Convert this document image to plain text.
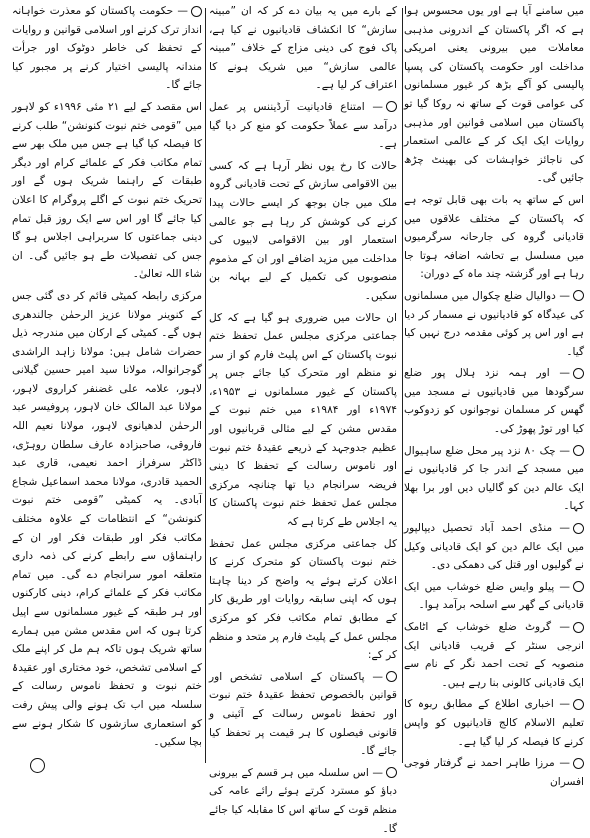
میں سامنے آیا ہے اور یوں محسوس ہوا ہے کہ اگر پاکستان کے اندرونی مذہبی معاملات میں بیرونی یعنی امریکی مداخلت اور حکومت پاکستان کی پسپا پالیسی کو آگے بڑھ کر غیور مسلمانوں کی عوامی قوت کے ساتھ نہ روکا گیا تو پاکستان میں اسلامی قوانین اور مذہبی روایات ایک ایک کر کے عالمی استعمار کی ناجائز خواہشات کی بھینٹ چڑھ جائیں گی۔

اس کے ساتھ یہ بات بھی قابل توجہ ہے کہ پاکستان کے مختلف علاقوں میں قادیانی گروہ کی جارحانہ سرگرمیوں میں مسلسل بے تحاشہ اضافہ ہوتا جا رہا ہے اور گزشتہ چند ماہ کے دوران:

— دوالیال ضلع چکوال میں مسلمانوں کی عیدگاہ کو قادیانیوں نے مسمار کر دیا ہے اور اس پر کوئی مقدمہ درج نہیں کیا گیا۔
— اور ہمہ نزد ہلال پور ضلع سرگودھا میں قادیانیوں نے مسجد میں گھس کر مسلمان نوجوانوں کو زدوکوب کیا اور توڑ پھوڑ کی۔
— چک ۸۰ نزد پیر محل ضلع ساہیوال میں مسجد کے اندر جا کر قادیانیوں نے ایک عالم دین کو گالیاں دیں اور برا بھلا کہا۔
— منڈی احمد آباد تحصیل دیپالپور میں ایک عالم دین کو ایک قادیانی وکیل نے گولیوں اور قتل کی دھمکی دی۔
— پیلو وایس ضلع خوشاب میں ایک قادیانی کے گھر سے اسلحہ برآمد ہوا۔
— گروٹ ضلع خوشاب کے اٹامک انرجی سنٹر کے قریب قادیانی ایک منصوبہ کے تحت احمد نگر کے نام سے ایک قادیانی کالونی بنا رہے ہیں۔
— اخباری اطلاع کے مطابق ربوہ کا تعلیم الاسلام کالج قادیانیوں کو واپس کرنے کا فیصلہ کر لیا گیا ہے۔
— مرزا طاہر احمد نے گرفتار فوجی افسران

کے بارے میں یہ بیان دے کر کہ ان ”مبینہ سازش“ کا انکشاف قادیانیوں نے کیا ہے، پاک فوج کی دینی مزاج کے خلاف ”مبینہ عالمی سازش“ میں شریک ہونے کا اعتراف کر لیا ہے۔

— امتناع قادیانیت آرڈیننس پر عمل درآمد سے عملاً حکومت کو منع کر دیا گیا ہے۔

حالات کا رخ یوں نظر آرہا ہے کہ کسی بین الاقوامی سازش کے تحت قادیانی گروہ ملک میں جان بوجھ کر ایسے حالات پیدا کرنے کی کوشش کر رہا ہے جو عالمی استعمار اور بین الاقوامی لابیوں کی مداخلت میں مزید اضافے اور ان کے مذموم منصوبوں کی تکمیل کے لیے بہانہ بن سکیں۔

ان حالات میں ضروری ہو گیا ہے کہ کل جماعتی مرکزی مجلس عمل تحفظ ختم نبوت پاکستان کے اس پلیٹ فارم کو از سر نو منظم اور متحرک کیا جائے جس پر پاکستان کے غیور مسلمانوں نے ۱۹۵۳ء، ۱۹۷۴ء اور ۱۹۸۴ء میں ختم نبوت کے مقدس مشن کے لیے مثالی قربانیوں اور عظیم جدوجہد کے ذریعے عقیدۂ ختم نبوت اور ناموس رسالت کے تحفظ کا دینی فریضہ سرانجام دیا تھا چنانچہ مرکزی مجلس عمل تحفظ ختم نبوت پاکستان کا یہ اجلاس طے کرتا ہے کہ

کل جماعتی مرکزی مجلس عمل تحفظ ختم نبوت پاکستان کو متحرک کرنے کا اعلان کرتے ہوئے یہ واضح کر دینا چاہتا ہوں کہ اپنی سابقہ روایات اور طریق کار کے مطابق تمام مکاتب فکر کو مرکزی مجلس عمل کے پلیٹ فارم پر متحد و منظم کر کے:

— پاکستان کے اسلامی تشخص اور قوانین بالخصوص تحفظ عقیدۂ ختم نبوت اور تحفظ ناموس رسالت کے آئینی و قانونی فیصلوں کا ہر قیمت پر تحفظ کیا جائے گا۔
— اس سلسلہ میں ہر قسم کے بیرونی دباؤ کو مسترد کرتے ہوئے رائے عامہ کی منظم قوت کے ساتھ اس کا مقابلہ کیا جائے گا۔
— حکومت پاکستان کو معذرت خواہانہ انداز ترک کرنے اور اسلامی قوانین و روایات کے تحفظ کی خاطر دوٹوک اور جرأت مندانہ پالیسی اختیار کرنے پر مجبور کیا جائے گا۔

اس مقصد کے لیے ۲۱ مئی ۱۹۹۶ء کو لاہور میں ”قومی ختم نبوت کنونشن“ طلب کرنے کا فیصلہ کیا گیا ہے جس میں ملک بھر سے تمام مکاتب فکر کے علمائے کرام اور دیگر طبقات کے راہنما شریک ہوں گے اور تحریک ختم نبوت کے اگلے پروگرام کا اعلان کیا جائے گا اور اس سے ایک روز قبل تمام دینی جماعتوں کا سربراہی اجلاس ہو گا جس کی تفصیلات طے ہو جائیں گی۔ ان شاء اللہ تعالیٰ۔

مرکزی رابطہ کمیٹی قائم کر دی گئی جس کے کنوینر مولانا عزیز الرحمٰن جالندھری ہوں گے۔ کمیٹی کے ارکان میں مندرجہ ذیل حضرات شامل ہیں: مولانا زاہد الراشدی گوجرانوالہ، مولانا سید امیر حسین گیلانی لاہور، علامہ علی غضنفر کراروی لاہور، مولانا عبد المالک خان لاہور، پروفیسر عبد الرحمٰن لدھیانوی لاہور، مولانا نعیم اللہ فاروقی، صاحبزادہ عارف سلطان روہڑی، ڈاکٹر سرفراز احمد نعیمی، قاری عبد الحمید قادری، مولانا محمد اسماعیل شجاع آبادی۔ یہ کمیٹی ”قومی ختم نبوت کنونشن“ کے انتظامات کے علاوہ مختلف مکاتب فکر اور طبقات فکر اور ان کے راہنماؤں سے رابطے کرنے کی ذمہ داری متعلقہ امور سرانجام دے گی۔ میں تمام مکاتب فکر کے علمائے کرام، دینی کارکنوں اور ہر طبقہ کے غیور مسلمانوں سے اپیل کرتا ہوں کہ اس مقدس مشن میں ہمارے ساتھ شریک ہوں تاکہ ہم مل کر اپنے ملک کے اسلامی تشخص، خود مختاری اور عقیدۂ ختم نبوت و تحفظ ناموس رسالت کے سلسلہ میں اب تک ہونے والی پیش رفت کو استعماری سازشوں کا شکار ہونے سے بچا سکیں۔
